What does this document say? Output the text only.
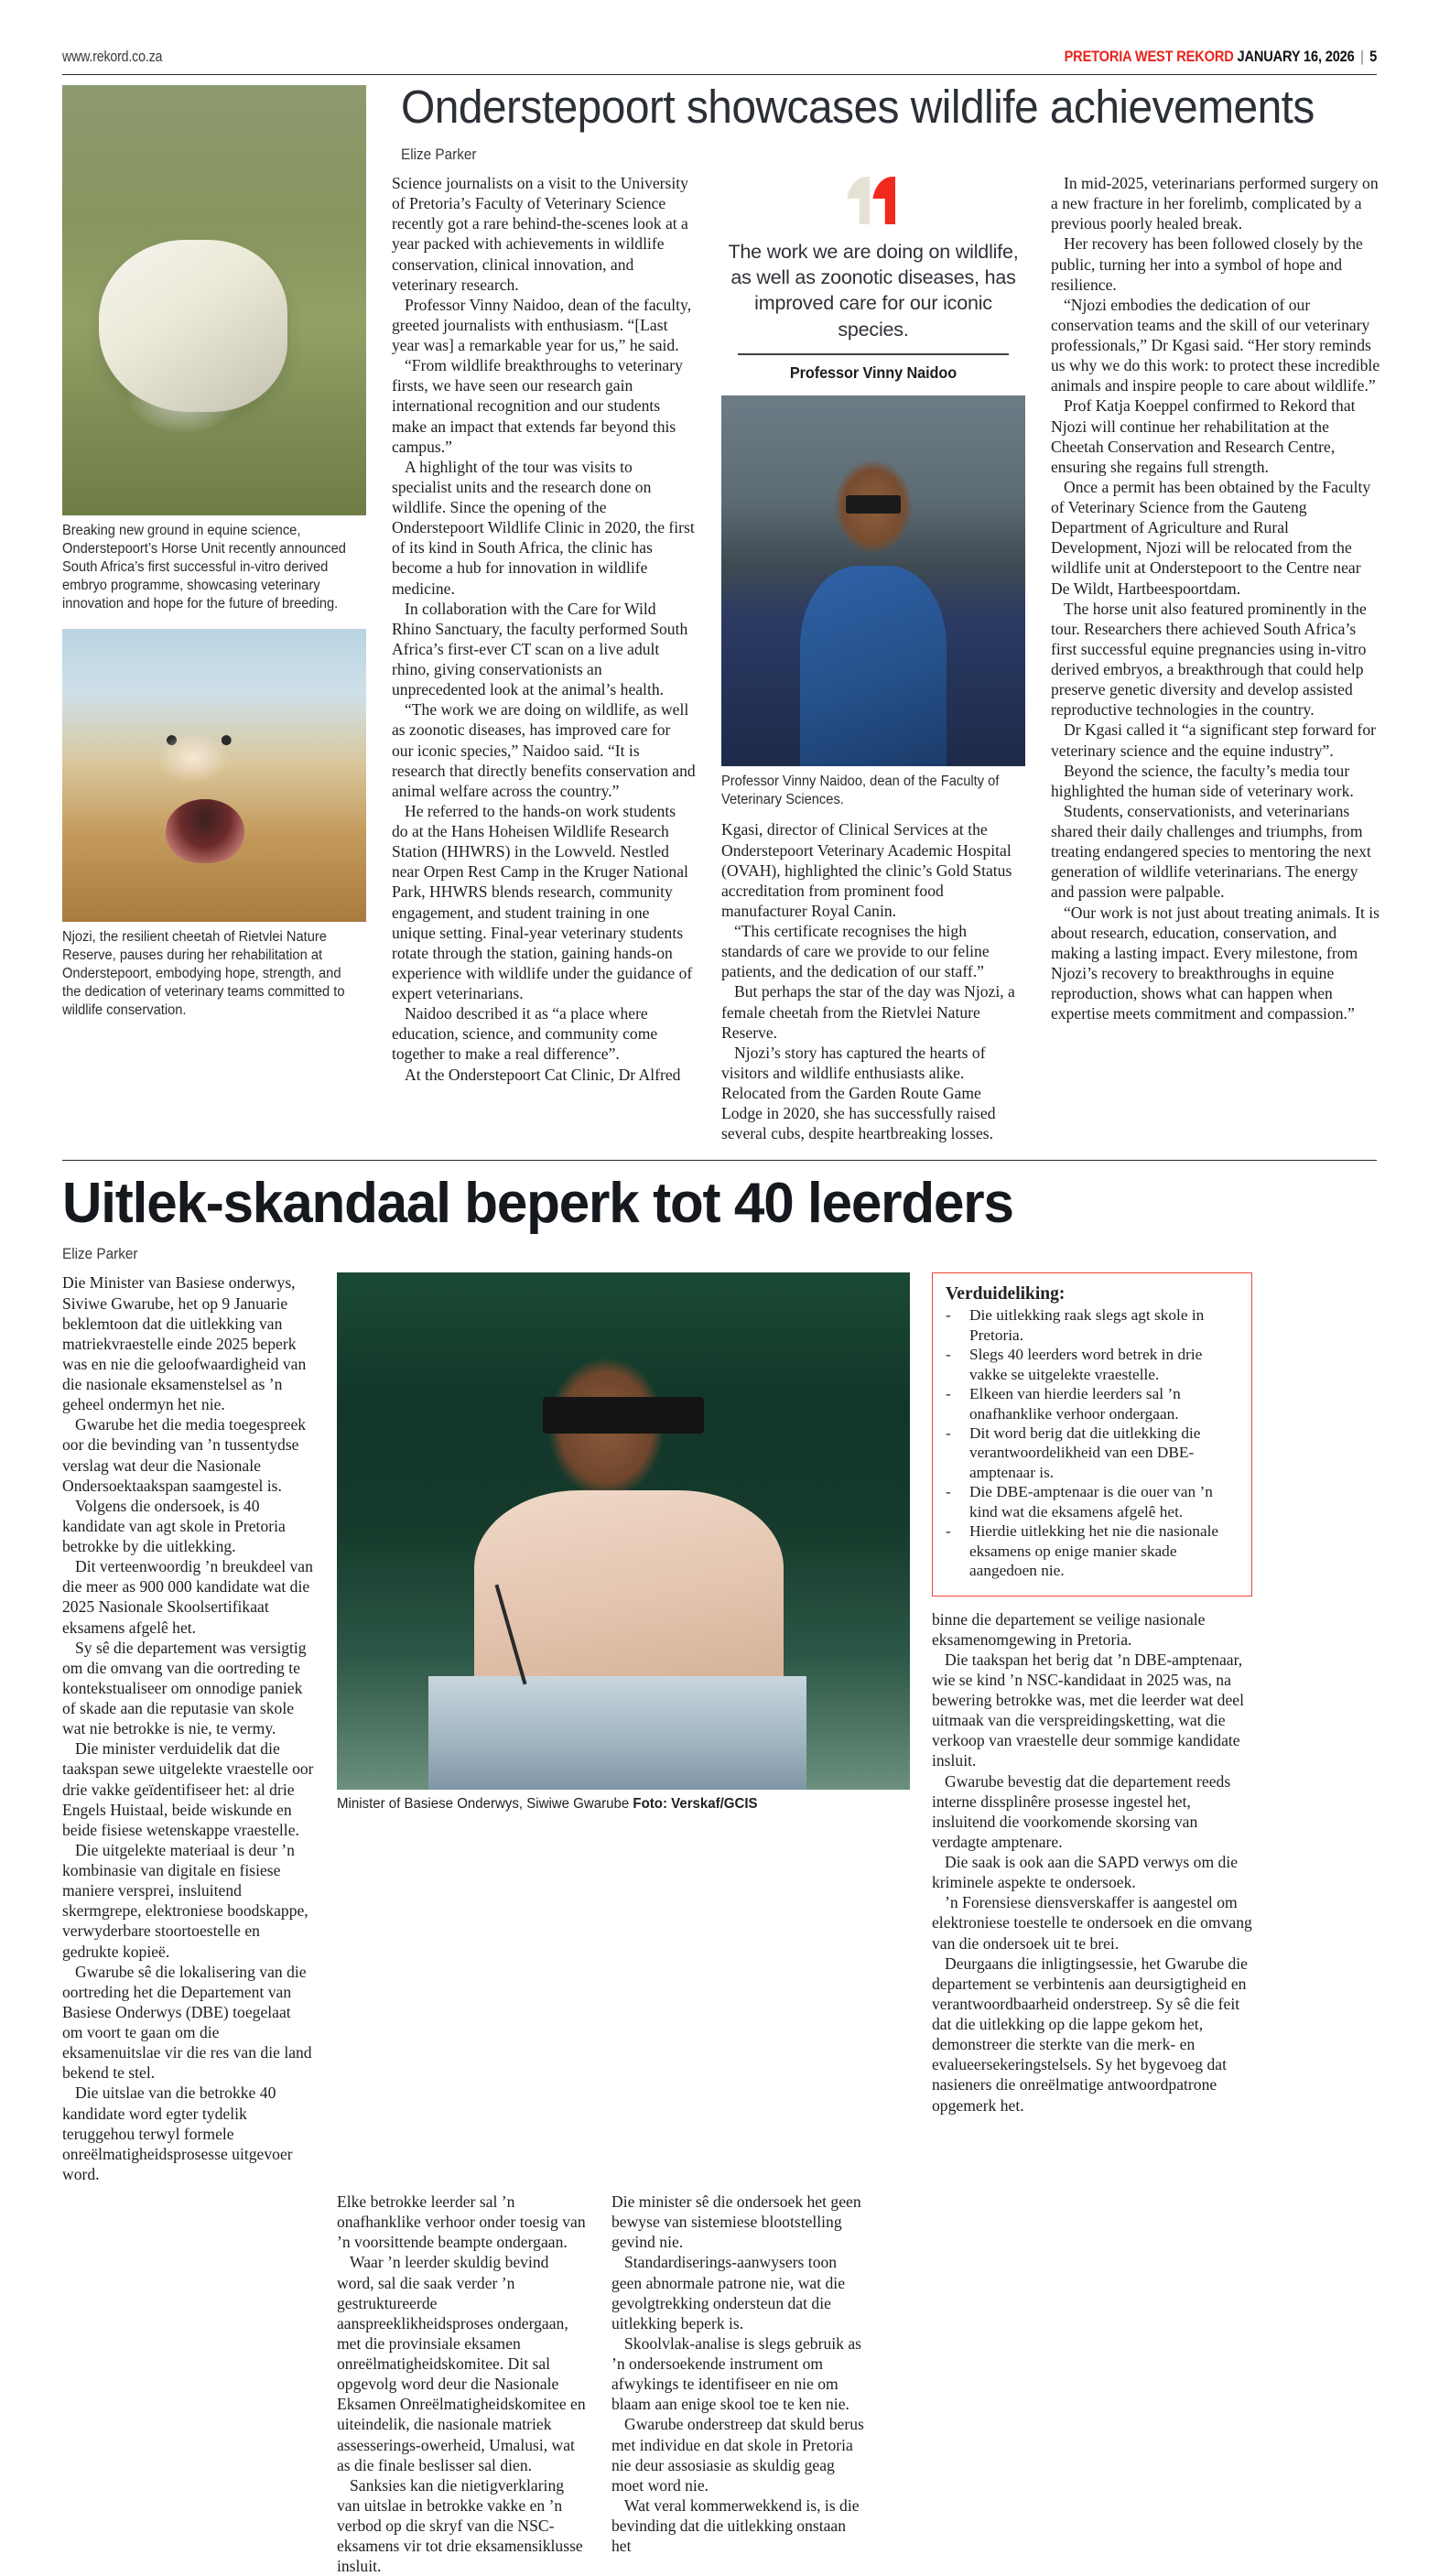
www.rekord.co.za	PRETORIA WEST REKORD JANUARY 16, 2026 | 5
Onderstepoort showcases wildlife achievements
Elize Parker
Breaking new ground in equine science, Onderstepoort’s Horse Unit recently announced South Africa’s first successful in-vitro derived embryo programme, showcasing veterinary innovation and hope for the future of breeding.
Njozi, the resilient cheetah of Rietvlei Nature Reserve, pauses during her rehabilitation at Onderstepoort, embodying hope, strength, and the dedication of veterinary teams committed to wildlife conservation.

Science journalists on a visit to the University of Pretoria’s Faculty of Veterinary Science recently got a rare behind-the-scenes look at a year packed with achievements in wildlife conservation, clinical innovation, and veterinary research.

Professor Vinny Naidoo, dean of the faculty, greeted journalists with enthusiasm. “[Last year was] a remarkable year for us,” he said.

“From wildlife breakthroughs to veterinary firsts, we have seen our research gain international recognition and our students make an impact that extends far beyond this campus.”

A highlight of the tour was visits to specialist units and the research done on wildlife. Since the opening of the Onderstepoort Wildlife Clinic in 2020, the first of its kind in South Africa, the clinic has become a hub for innovation in wildlife medicine.

In collaboration with the Care for Wild Rhino Sanctuary, the faculty performed South Africa’s first-ever CT scan on a live adult rhino, giving conservationists an unprecedented look at the animal’s health.

“The work we are doing on wildlife, as well as zoonotic diseases, has improved care for our iconic species,” Naidoo said. “It is research that directly benefits conservation and animal welfare across the country.”

He referred to the hands-on work students do at the Hans Hoheisen Wildlife Research Station (HHWRS) in the Lowveld. Nestled near Orpen Rest Camp in the Kruger National Park, HHWRS blends research, community engagement, and student training in one unique setting. Final-year veterinary students rotate through the station, gaining hands-on experience with wildlife under the guidance of expert veterinarians.

Naidoo described it as “a place where education, science, and community come together to make a real difference”.

At the Onderstepoort Cat Clinic, Dr Alfred

The work we are doing on wildlife, as well as zoonotic diseases, has improved care for our iconic species.
Professor Vinny Naidoo
Professor Vinny Naidoo, dean of the Faculty of Veterinary Sciences.

Kgasi, director of Clinical Services at the Onderstepoort Veterinary Academic Hospital (OVAH), highlighted the clinic’s Gold Status accreditation from prominent food manufacturer Royal Canin.

“This certificate recognises the high standards of care we provide to our feline patients, and the dedication of our staff.”

But perhaps the star of the day was Njozi, a female cheetah from the Rietvlei Nature Reserve.

Njozi’s story has captured the hearts of visitors and wildlife enthusiasts alike. Relocated from the Garden Route Game Lodge in 2020, she has successfully raised several cubs, despite heartbreaking losses.

In mid-2025, veterinarians performed surgery on a new fracture in her forelimb, complicated by a previous poorly healed break.

Her recovery has been followed closely by the public, turning her into a symbol of hope and resilience.

“Njozi embodies the dedication of our conservation teams and the skill of our veterinary professionals,” Dr Kgasi said. “Her story reminds us why we do this work: to protect these incredible animals and inspire people to care about wildlife.”

Prof Katja Koeppel confirmed to Rekord that Njozi will continue her rehabilitation at the Cheetah Conservation and Research Centre, ensuring she regains full strength.

Once a permit has been obtained by the Faculty of Veterinary Science from the Gauteng Department of Agriculture and Rural Development, Njozi will be relocated from the wildlife unit at Onderstepoort to the Centre near De Wildt, Hartbeespoortdam.

The horse unit also featured prominently in the tour. Researchers there achieved South Africa’s first successful equine pregnancies using in-vitro derived embryos, a breakthrough that could help preserve genetic diversity and develop assisted reproductive technologies in the country.

Dr Kgasi called it “a significant step forward for veterinary science and the equine industry”.

Beyond the science, the faculty’s media tour highlighted the human side of veterinary work.

Students, conservationists, and veterinarians shared their daily challenges and triumphs, from treating endangered species to mentoring the next generation of wildlife veterinarians. The energy and passion were palpable.

“Our work is not just about treating animals. It is about research, education, conservation, and making a lasting impact. Every milestone, from Njozi’s recovery to breakthroughs in equine reproduction, shows what can happen when expertise meets commitment and compassion.”

Uitlek-skandaal beperk tot 40 leerders
Elize Parker

Die Minister van Basiese onderwys, Siviwe Gwarube, het op 9 Januarie beklemtoon dat die uitlekking van matriekvraestelle einde 2025 beperk was en nie die geloofwaardigheid van die nasionale eksamenstelsel as ’n geheel ondermyn het nie.

Gwarube het die media toegespreek oor die bevinding van ’n tussentydse verslag wat deur die Nasionale Ondersoektaakspan saamgestel is.

Volgens die ondersoek, is 40 kandidate van agt skole in Pretoria betrokke by die uitlekking.

Dit verteenwoordig ’n breukdeel van die meer as 900 000 kandidate wat die 2025 Nasionale Skoolsertifikaat eksamens afgelê het.

Sy sê die departement was versigtig om die omvang van die oortreding te kontekstualiseer om onnodige paniek of skade aan die reputasie van skole wat nie betrokke is nie, te vermy.

Die minister verduidelik dat die taakspan sewe uitgelekte vraestelle oor drie vakke geïdentifiseer het: al drie Engels Huistaal, beide wiskunde en beide fisiese wetenskappe vraestelle.

Die uitgelekte materiaal is deur ’n kombinasie van digitale en fisiese maniere versprei, insluitend skermgrepe, elektroniese boodskappe, verwyderbare stoortoestelle en gedrukte kopieë.

Gwarube sê die lokalisering van die oortreding het die Departement van Basiese Onderwys (DBE) toegelaat om voort te gaan om die eksamenuitslae vir die res van die land bekend te stel.

Die uitslae van die betrokke 40 kandidate word egter tydelik teruggehou terwyl formele onreëlmatigheidsprosesse uitgevoer word.

Minister of Basiese Onderwys, Siwiwe Gwarube Foto: Verskaf/GCIS
Verduideliking:
-	Die uitlekking raak slegs agt skole in Pretoria.
-	Slegs 40 leerders word betrek in drie vakke se uitgelekte vraestelle.
-	Elkeen van hierdie leerders sal ’n onafhanklike verhoor ondergaan.
-	Dit word berig dat die uitlekking die verantwoordelikheid van een DBE-amptenaar is.
-	Die DBE-amptenaar is die ouer van ’n kind wat die eksamens afgelê het.
-	Hierdie uitlekking het nie die nasionale eksamens op enige manier skade aangedoen nie.

binne die departement se veilige nasionale eksamenomgewing in Pretoria.

Die taakspan het berig dat ’n DBE-amptenaar, wie se kind ’n NSC-kandidaat in 2025 was, na bewering betrokke was, met die leerder wat deel uitmaak van die verspreidingsketting, wat die verkoop van vraestelle deur sommige kandidate insluit.

Gwarube bevestig dat die departement reeds interne dissplinêre prosesse ingestel het, insluitend die voorkomende skorsing van verdagte amptenare.

Die saak is ook aan die SAPD verwys om die kriminele aspekte te ondersoek.

’n Forensiese diensverskaffer is aangestel om elektroniese toestelle te ondersoek en die omvang van die ondersoek uit te brei.

Deurgaans die inligtingsessie, het Gwarube die departement se verbintenis aan deursigtigheid en verantwoordbaarheid onderstreep. Sy sê die feit dat die uitlekking op die lappe gekom het, demonstreer die sterkte van die merk- en evalueersekeringstelsels. Sy het bygevoeg dat nasieners die onreëlmatige antwoordpatrone opgemerk het.

Elke betrokke leerder sal ’n onafhanklike verhoor onder toesig van ’n voorsittende beampte ondergaan.

Waar ’n leerder skuldig bevind word, sal die saak verder ’n gestruktureerde aanspreeklikheidsproses ondergaan, met die provinsiale eksamen onreëlmatigheidskomitee. Dit sal opgevolg word deur die Nasionale Eksamen Onreëlmatigheidskomitee en uiteindelik, die nasionale matriek assesserings-owerheid, Umalusi, wat as die finale beslisser sal dien.

Sanksies kan die nietigverklaring van uitslae in betrokke vakke en ’n verbod op die skryf van die NSC-eksamens vir tot drie eksamensiklusse insluit.

Die minister sê die ondersoek het geen bewyse van sistemiese blootstelling gevind nie.

Standardiserings-aanwysers toon geen abnormale patrone nie, wat die gevolgtrekking ondersteun dat die uitlekking beperk is.

Skoolvlak-analise is slegs gebruik as ’n ondersoekende instrument om afwykings te identifiseer en nie om blaam aan enige skool toe te ken nie.

Gwarube onderstreep dat skuld berus met individue en dat skole in Pretoria nie deur assosiasie as skuldig geag moet word nie.

Wat veral kommerwekkend is, is die bevinding dat die uitlekking onstaan het
